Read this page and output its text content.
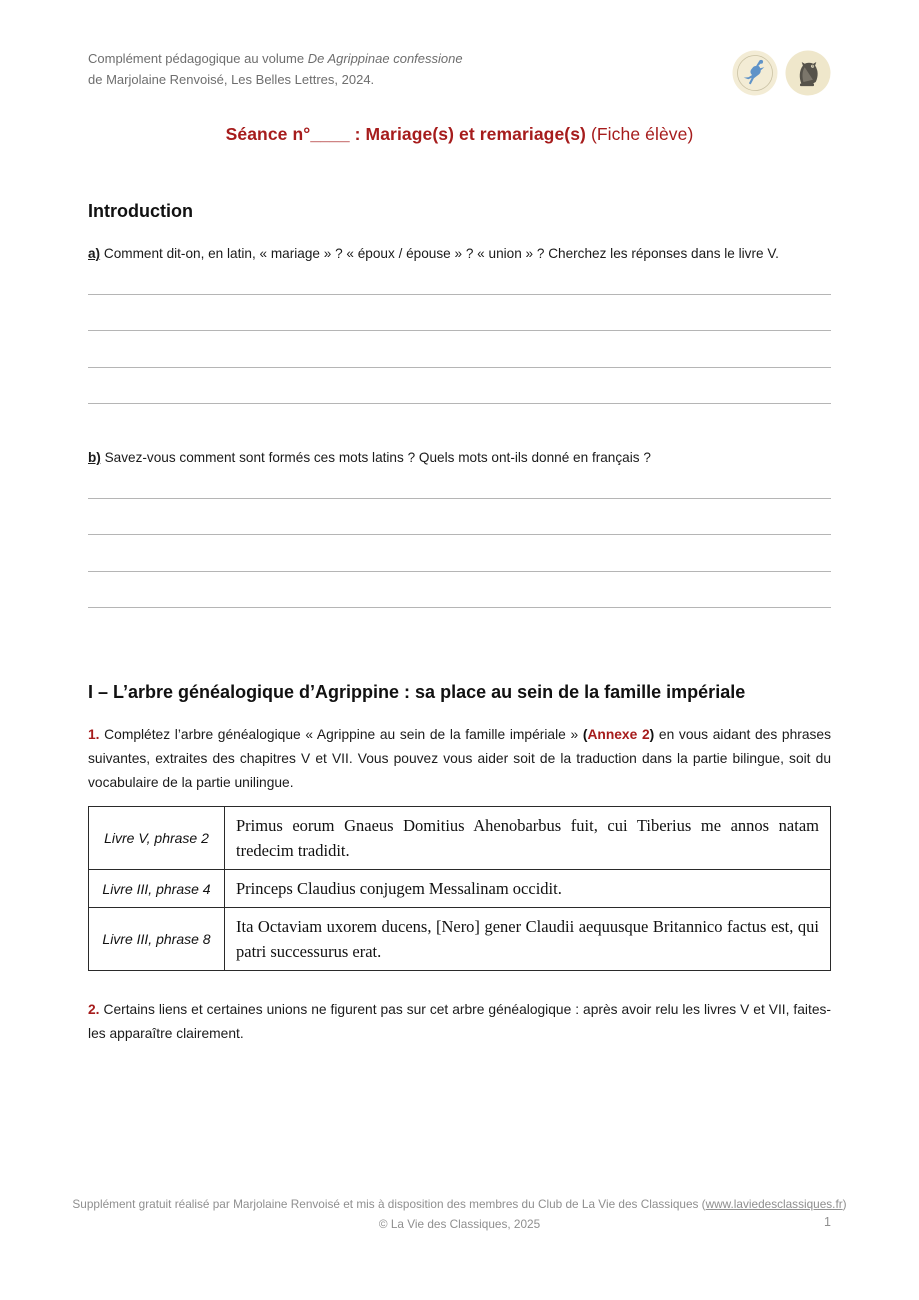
Complément pédagogique au volume De Agrippinae confessione
de Marjolaine Renvoisé, Les Belles Lettres, 2024.
Séance n°____ : Mariage(s) et remariage(s) (Fiche élève)
Introduction
a) Comment dit-on, en latin, « mariage » ? « époux / épouse » ? « union » ? Cherchez les réponses dans le livre V.
b) Savez-vous comment sont formés ces mots latins ? Quels mots ont-ils donné en français ?
I – L’arbre généalogique d’Agrippine : sa place au sein de la famille impériale
1. Complétez l’arbre généalogique « Agrippine au sein de la famille impériale » (Annexe 2) en vous aidant des phrases suivantes, extraites des chapitres V et VII. Vous pouvez vous aider soit de la traduction dans la partie bilingue, soit du vocabulaire de la partie unilingue.
Livre V, phrase 2	Primus eorum Gnaeus Domitius Ahenobarbus fuit, cui Tiberius me annos natam tredecim tradidit.
Livre III, phrase 4	Princeps Claudius conjugem Messalinam occidit.
Livre III, phrase 8	Ita Octaviam uxorem ducens, [Nero] gener Claudii aequusque Britannico factus est, qui patri successurus erat.
2. Certains liens et certaines unions ne figurent pas sur cet arbre généalogique : après avoir relu les livres V et VII, faites-les apparaître clairement.
Supplément gratuit réalisé par Marjolaine Renvoisé et mis à disposition des membres du Club de La Vie des Classiques (www.laviedesclassiques.fr)
© La Vie des Classiques, 2025	1
